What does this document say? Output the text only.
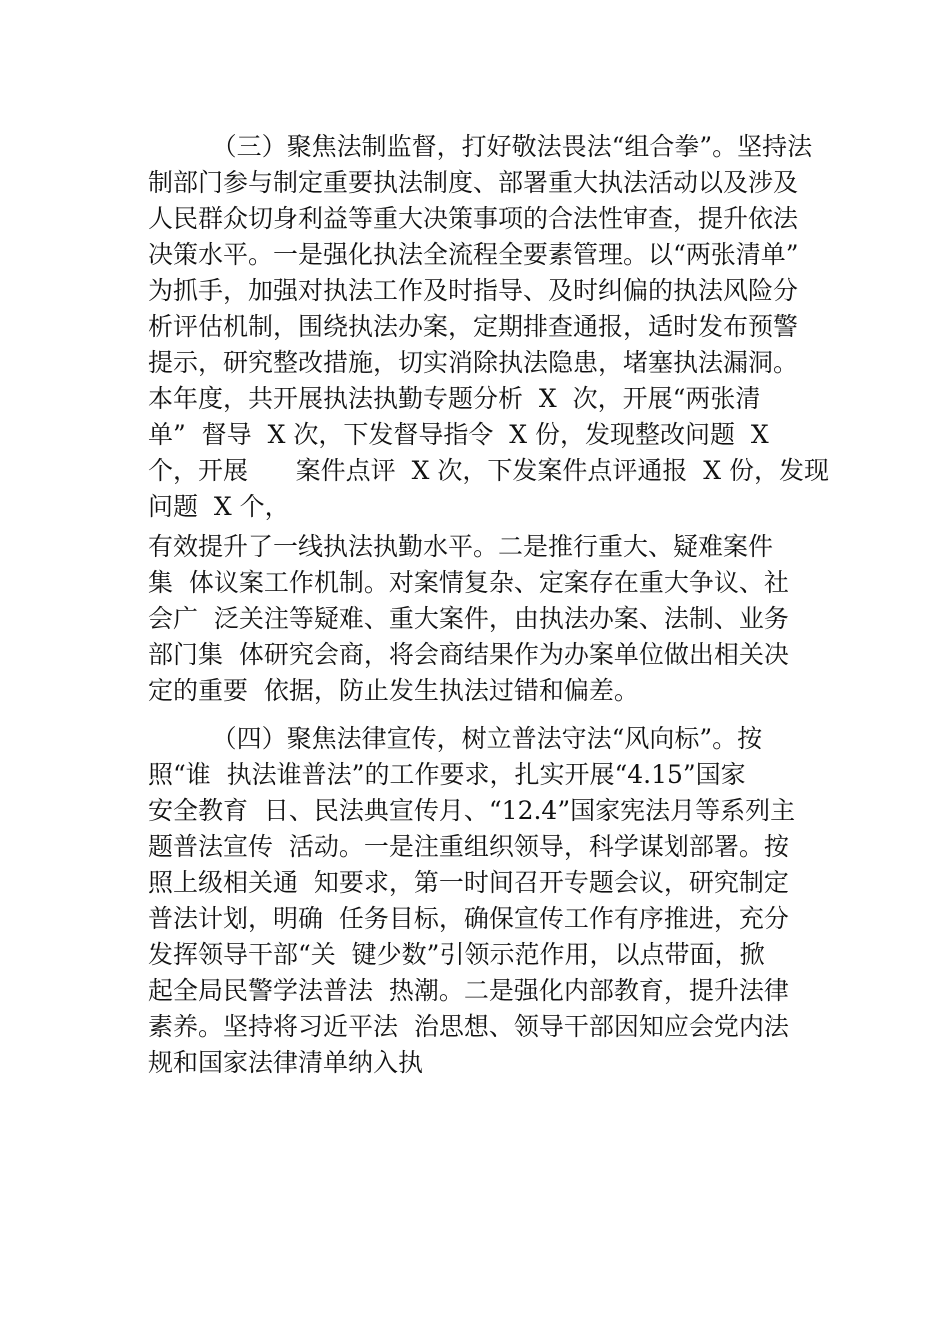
（三）聚焦法制监督，打好敬法畏法“组合拳”。坚持法

制部门参与制定重要执法制度、部署重大执法活动以及涉及

人民群众切身利益等重大决策事项的合法性审查，提升依法

决策水平。一是强化执法全流程全要素管理。以“两张清单”

为抓手，加强对执法工作及时指导、及时纠偏的执法风险分

析评估机制，围绕执法办案，定期排查通报，适时发布预警

提示，研究整改措施，切实消除执法隐患，堵塞执法漏洞。

本年度，共开展执法执勤专题分析  X  次，开展“两张清

单”  督导  X 次，下发督导指令  X 份，发现整改问题  X

个，开展      案件点评  X 次，下发案件点评通报  X 份，发现

问题  X 个，

有效提升了一线执法执勤水平。二是推行重大、疑难案件

集  体议案工作机制。对案情复杂、定案存在重大争议、社

会广  泛关注等疑难、重大案件，由执法办案、法制、业务

部门集  体研究会商，将会商结果作为办案单位做出相关决

定的重要  依据，防止发生执法过错和偏差。

（四）聚焦法律宣传，树立普法守法“风向标”。按

照“谁  执法谁普法”的工作要求，扎实开展“4.15”国家

安全教育  日、民法典宣传月、“12.4”国家宪法月等系列主

题普法宣传  活动。一是注重组织领导，科学谋划部署。按

照上级相关通  知要求，第一时间召开专题会议，研究制定

普法计划，明确  任务目标，确保宣传工作有序推进，充分

发挥领导干部“关  键少数”引领示范作用，以点带面，掀

起全局民警学法普法  热潮。二是强化内部教育，提升法律

素养。坚持将习近平法  治思想、领导干部因知应会党内法

规和国家法律清单纳入执
